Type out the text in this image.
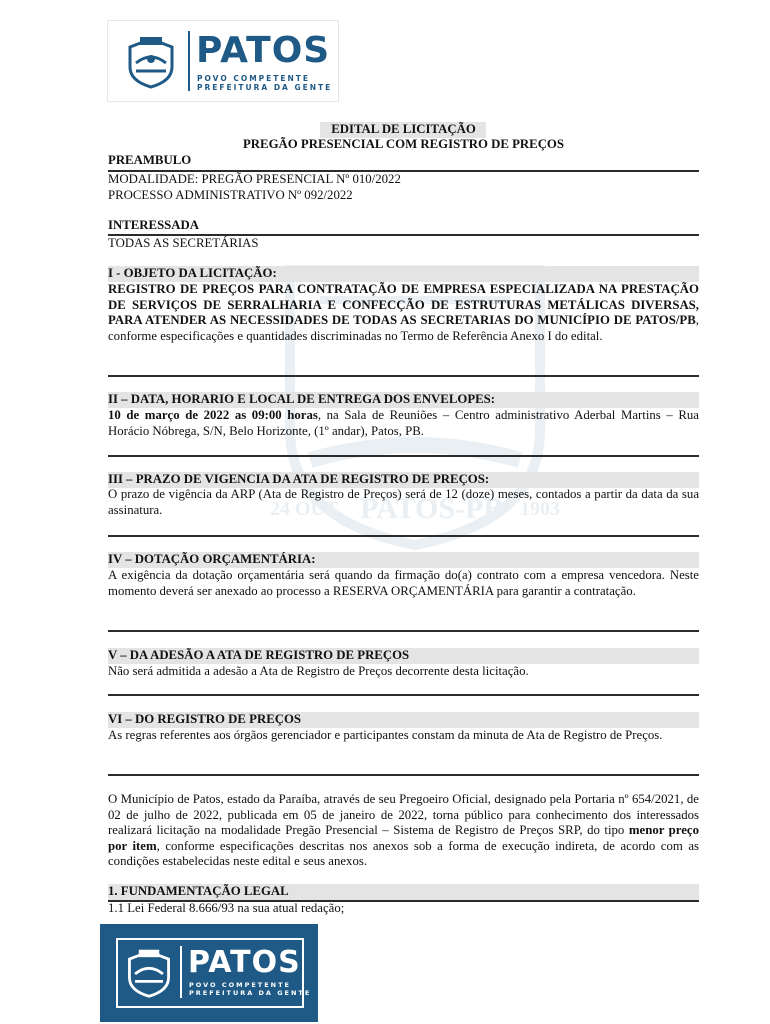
PATOS
POVO COMPETENTE
PREFEITURA DA GENTE
24 OUT PATOS-PB 1903
EDITAL DE LICITAÇÃO
PREGÃO PRESENCIAL COM REGISTRO DE PREÇOS
PREAMBULO
MODALIDADE: PREGÃO PRESENCIAL Nº 010/2022
PROCESSO ADMINISTRATIVO Nº 092/2022
INTERESSADA
TODAS AS SECRETÁRIAS
I - OBJETO DA LICITAÇÃO:
REGISTRO DE PREÇOS PARA CONTRATAÇÃO DE EMPRESA ESPECIALIZADA NA PRESTAÇÃO DE SERVIÇOS DE SERRALHARIA E CONFECÇÃO DE ESTRUTURAS METÁLICAS DIVERSAS, PARA ATENDER AS NECESSIDADES DE TODAS AS SECRETARIAS DO MUNICÍPIO DE PATOS/PB, conforme especificações e quantidades discriminadas no Termo de Referência Anexo I do edital.
II – DATA, HORARIO E LOCAL DE ENTREGA DOS ENVELOPES:
10 de março de 2022 as 09:00 horas, na Sala de Reuniões – Centro administrativo Aderbal Martins – Rua Horácio Nóbrega, S/N, Belo Horizonte, (1º andar), Patos, PB.
III – PRAZO DE VIGENCIA DA ATA DE REGISTRO DE PREÇOS:
O prazo de vigência da ARP (Ata de Registro de Preços) será de 12 (doze) meses, contados a partir da data da sua assinatura.
IV – DOTAÇÃO ORÇAMENTÁRIA:
A exigência da dotação orçamentária será quando da firmação do(a) contrato com a empresa vencedora. Neste momento deverá ser anexado ao processo a RESERVA ORÇAMENTÁRIA para garantir a contratação.
V – DA ADESÃO A ATA DE REGISTRO DE PREÇOS
Não será admitida a adesão a Ata de Registro de Preços decorrente desta licitação.
VI – DO REGISTRO DE PREÇOS
As regras referentes aos órgãos gerenciador e participantes constam da minuta de Ata de Registro de Preços.
O Município de Patos, estado da Paraíba, através de seu Pregoeiro Oficial, designado pela Portaria nº 654/2021, de 02 de julho de 2022, publicada em 05 de janeiro de 2022, torna público para conhecimento dos interessados realizará licitação na modalidade Pregão Presencial – Sistema de Registro de Preços SRP, do tipo menor preço por item, conforme especificações descritas nos anexos sob a forma de execução indireta, de acordo com as condições estabelecidas neste edital e seus anexos.
1. FUNDAMENTAÇÃO LEGAL
1.1 Lei Federal 8.666/93 na sua atual redação;
PATOS
POVO COMPETENTE
PREFEITURA DA GENTE
